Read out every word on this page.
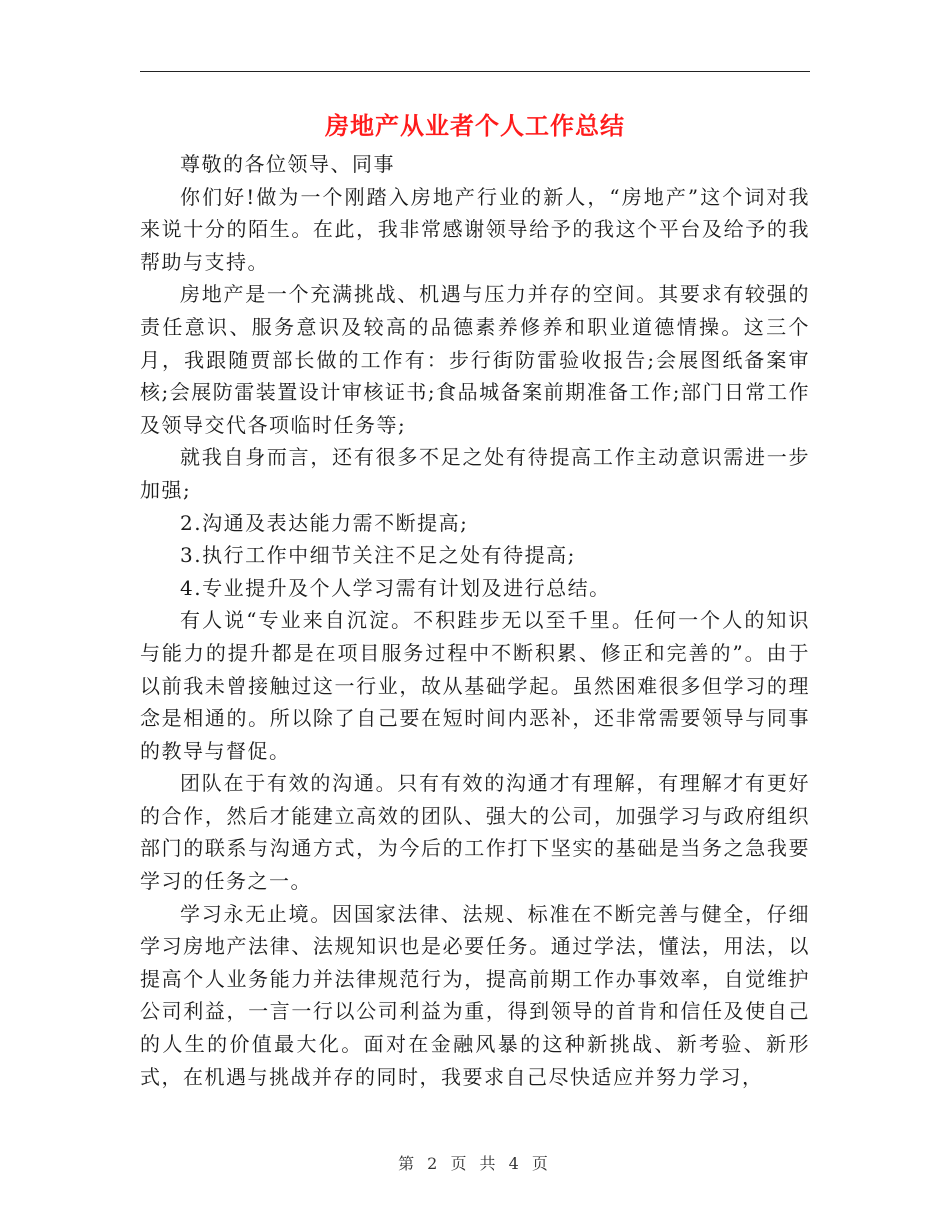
房地产从业者个人工作总结

尊敬的各位领导、同事

你们好!做为一个刚踏入房地产行业的新人，“房地产”这个词对我来说十分的陌生。在此，我非常感谢领导给予的我这个平台及给予的我帮助与支持。

房地产是一个充满挑战、机遇与压力并存的空间。其要求有较强的责任意识、服务意识及较高的品德素养修养和职业道德情操。这三个月，我跟随贾部长做的工作有：步行街防雷验收报告;会展图纸备案审核;会展防雷装置设计审核证书;食品城备案前期准备工作;部门日常工作及领导交代各项临时任务等;

就我自身而言，还有很多不足之处有待提高工作主动意识需进一步加强;

2.沟通及表达能力需不断提高;

3.执行工作中细节关注不足之处有待提高;

4.专业提升及个人学习需有计划及进行总结。

有人说“专业来自沉淀。不积跬步无以至千里。任何一个人的知识与能力的提升都是在项目服务过程中不断积累、修正和完善的”。由于以前我未曾接触过这一行业，故从基础学起。虽然困难很多但学习的理念是相通的。所以除了自己要在短时间内恶补，还非常需要领导与同事的教导与督促。

团队在于有效的沟通。只有有效的沟通才有理解，有理解才有更好的合作，然后才能建立高效的团队、强大的公司，加强学习与政府组织部门的联系与沟通方式，为今后的工作打下坚实的基础是当务之急我要学习的任务之一。

学习永无止境。因国家法律、法规、标准在不断完善与健全，仔细学习房地产法律、法规知识也是必要任务。通过学法，懂法，用法，以提高个人业务能力并法律规范行为，提高前期工作办事效率，自觉维护公司利益，一言一行以公司利益为重，得到领导的首肯和信任及使自己的人生的价值最大化。面对在金融风暴的这种新挑战、新考验、新形式，在机遇与挑战并存的同时，我要求自己尽快适应并努力学习，

第 2 页 共 4 页
